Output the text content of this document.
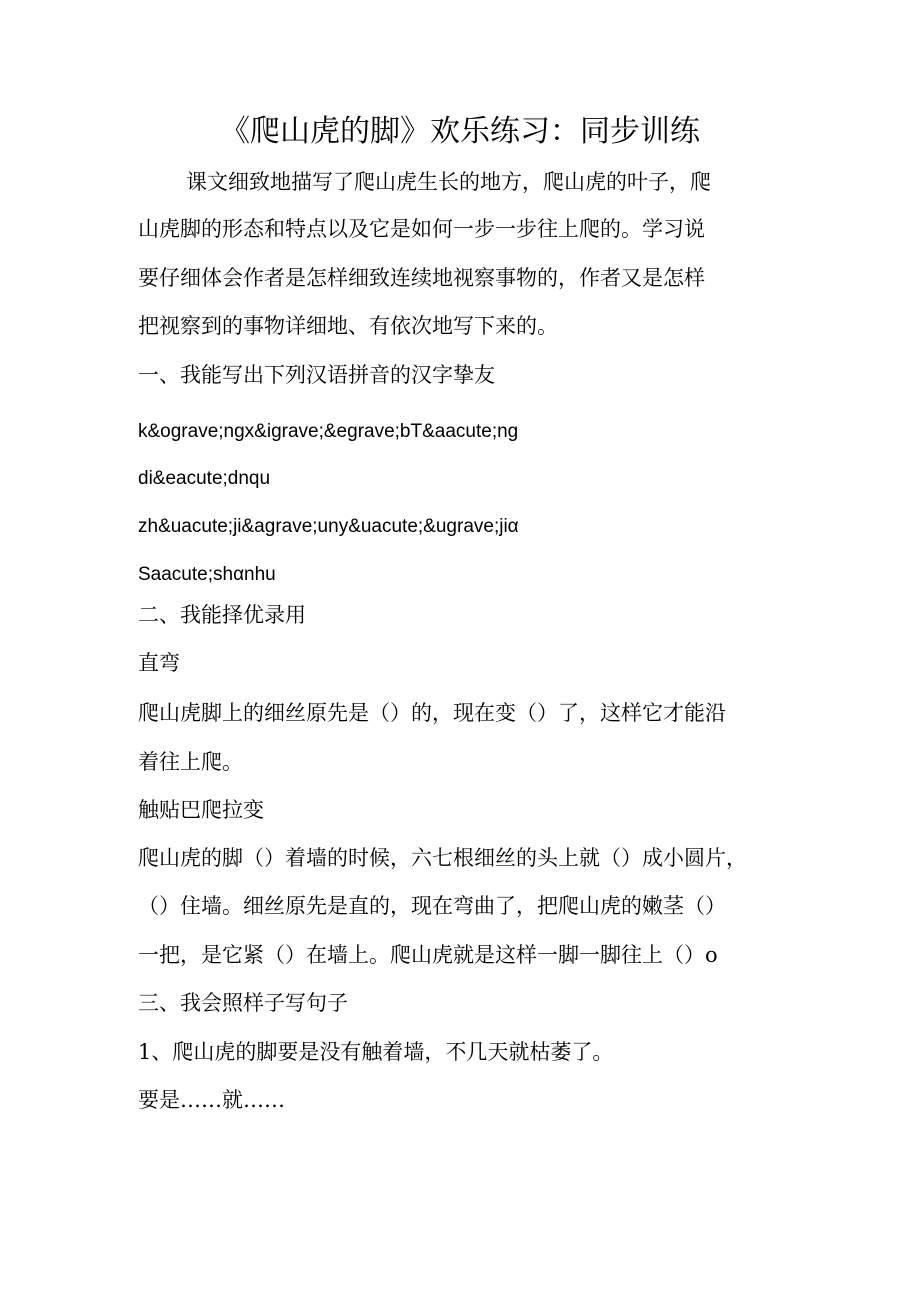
《爬山虎的脚》欢乐练习：同步训练
课文细致地描写了爬山虎生长的地方，爬山虎的叶子，爬
山虎脚的形态和特点以及它是如何一步一步往上爬的。学习说
要仔细体会作者是怎样细致连续地视察事物的，作者又是怎样
把视察到的事物详细地、有依次地写下来的。
一、我能写出下列汉语拼音的汉字挚友
k&ograve;ngx&igrave;&egrave;bT&aacute;ng
di&eacute;dnqu
zh&uacute;ji&agrave;uny&uacute;&ugrave;jiα
Saacute;shαnhu
二、我能择优录用
直弯
爬山虎脚上的细丝原先是（）的，现在变（）了，这样它才能沿
着往上爬。
触贴巴爬拉变
爬山虎的脚（）着墙的时候，六七根细丝的头上就（）成小圆片，
（）住墙。细丝原先是直的，现在弯曲了，把爬山虎的嫩茎（）
一把，是它紧（）在墙上。爬山虎就是这样一脚一脚往上（）o
三、我会照样子写句子
1、爬山虎的脚要是没有触着墙，不几天就枯萎了。
要是……就……
